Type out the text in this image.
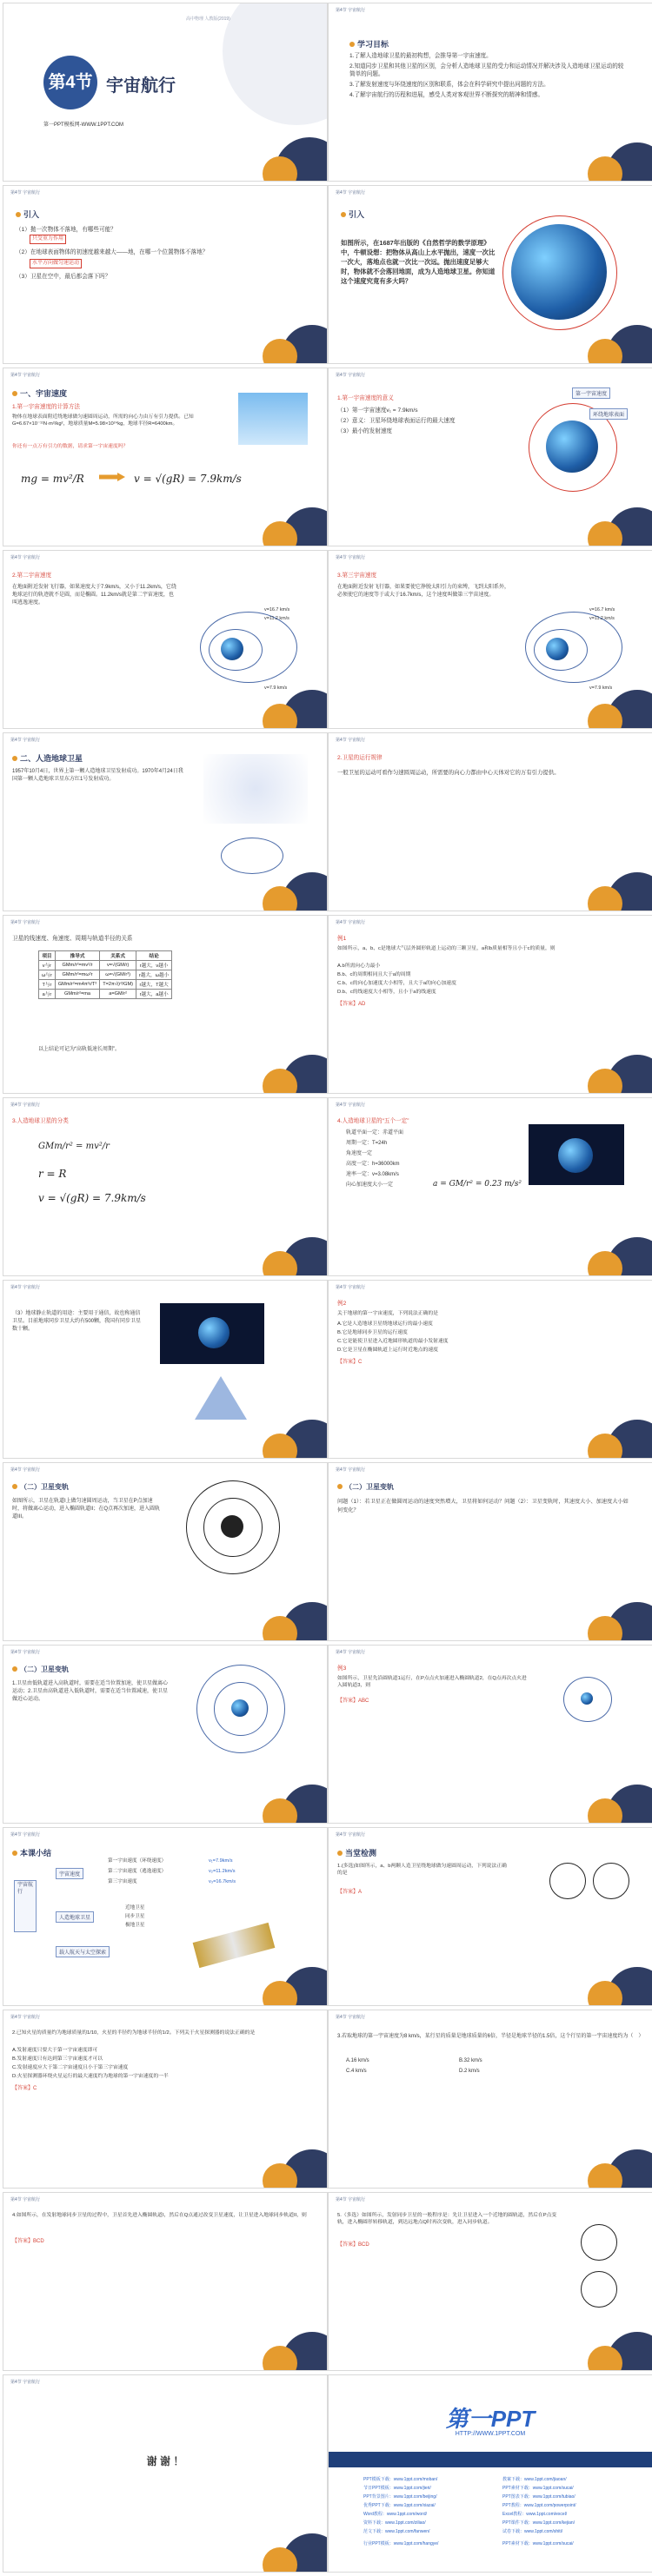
第4节 宇宙航行
第一PPT模板网-WWW.1PPT.COM
高中物理 人教版(2019)
第4节 宇宙航行
学习目标
1.了解人造地球卫星的最初构想，会推导第一宇宙速度。
2.知道同步卫星和其他卫星的区别，会分析人造地球卫星的受力和运动情况并解决涉及人造地球卫星运动的较简单的问题。
3.了解发射速度与环绕速度的区别和联系，体会在科学研究中提出问题的方法。
4.了解宇宙航行的历程和进展，感受人类对客观世界不断探究的精神和情感。
第4节 宇宙航行
引入
（1）拋一次物体不落地，有哪些可能？
只受重力作用
（2）在地球表面物体的初速度越来越大——地，在哪一个位置物体不落地？
水平方向做匀速运动
（3）卫星在空中，最后都会落下吗？
第4节 宇宙航行
引入
如图所示，在1687年出版的《自然哲学的数学原理》中，牛顿设想：把物体从高山上水平抛出，速度一次比一次大，落地点也就一次比一次远。抛出速度足够大时，物体就不会落回地面，成为人造地球卫星。你知道这个速度究竟有多大吗？
第4节 宇宙航行
一、宇宙速度
1.第一宇宙速度的计算方法
物体在地球表面附近绕地球做匀速圆周运动，所需的向心力由万有引力提供。已知G=6.67×10⁻¹¹N·m²/kg²，地球质量M=5.98×10²⁴kg，地球半径R=6400km。
你还有一点万有引力的数据，请求第一宇宙速度吗？
mg = mv²/R	v = √(gR) = 7.9km/s
第4节 宇宙航行
1.第一宇宙速度的意义
（1）第一宇宙速度v₁ = 7.9km/s
（2）意义：卫星环绕地球表面运行的最大速度
（3）最小的发射速度
第一宇宙速度
环绕地球表面
第4节 宇宙航行
2.第二宇宙速度
在地面附近发射飞行器，如果速度大于7.9km/s，又小于11.2km/s，它绕地球运行的轨迹就不是圆，而是椭圆。11.2km/s就是第二宇宙速度，也叫逃逸速度。
v=16.7 km/s
v=11.2 km/s
v=7.9 km/s
第4节 宇宙航行
3.第三宇宙速度
在地面附近发射飞行器，如果要使它挣脱太阳引力的束缚，飞到太阳系外，必须使它的速度等于或大于16.7km/s，这个速度叫做第三宇宙速度。
v=16.7 km/s
v=11.2 km/s
v=7.9 km/s
第4节 宇宙航行
二、人造地球卫星
1957年10月4日，世界上第一颗人造地球卫星发射成功。1970年4月24日我国第一颗人造地球卫星东方红1号发射成功。
第4节 宇宙航行
2.卫星的运行规律
一般卫星的运动可看作匀速圆周运动，所需要的向心力都由中心天体对它的万有引力提供。
第4节 宇宙航行
卫星的线速度、角速度、周期与轨道半径的关系
项目	推导式	关系式	结论
v与r	GMm/r²=mv²/r	v=√(GM/r)	r越大，v越小
ω与r	GMm/r²=mω²r	ω=√(GM/r³)	r越大，ω越小
T与r	GMm/r²=m4π²r/T²	T=2π√(r³/GM)	r越大，T越大
a与r	GMm/r²=ma	a=GM/r²	r越大，a越小
以上结论可记为“高轨低速长周期”。
第4节 宇宙航行
例1
如图所示，a、b、c是地球大气层外圆形轨道上运动的三颗卫星，a和b质量相等且小于c的质量，则
A.b所需向心力最小
B.b、c的周期相同且大于a的周期
C.b、c的向心加速度大小相等，且大于a的向心加速度
D.b、c的线速度大小相等，且小于a的线速度
【答案】AD
第4节 宇宙航行
3.人造地球卫星的分类
GMm/r² = mv²/r
r = R
v = √(gR) = 7.9km/s
第4节 宇宙航行
4.人造地球卫星的“五个一定”
轨道平面一定：赤道平面
周期一定：T=24h
角速度一定
高度一定：h=36000km
速率一定：v=3.08km/s
向心加速度大小一定	a = GM/r² = 0.23 m/s²
第4节 宇宙航行
（3）地球静止轨道的用途：主要用于通信，故也称通信卫星。目前地球同步卫星大约有500颗，我国有同步卫星数十颗。
第4节 宇宙航行
例2
关于地球的第一宇宙速度，下列说法正确的是
A.它是人造地球卫星绕地球运行的最小速度
B.它是地球同步卫星的运行速度
C.它是能使卫星进入近地圆形轨道的最小发射速度
D.它是卫星在椭圆轨道上运行时近地点的速度
【答案】C
第4节 宇宙航行
（二）卫星变轨
如图所示，卫星在轨道I上做匀速圆周运动，当卫星在P点加速时，将做离心运动，进入椭圆轨道II；在Q点再次加速，进入圆轨道III。
第4节 宇宙航行
（二）卫星变轨
问题（1）：若卫星正在做圆周运动的速度突然增大，卫星将如何运动？问题（2）：卫星变轨时，其速度大小、加速度大小如何变化？
第4节 宇宙航行
（二）卫星变轨
1.卫星由低轨道进入高轨道时，需要在适当位置加速，使卫星做离心运动；2.卫星由高轨道进入低轨道时，需要在适当位置减速，使卫星做近心运动。
第4节 宇宙航行
例3
如图所示，卫星先沿圆轨道1运行，在P点点火加速进入椭圆轨道2，在Q点再次点火进入圆轨道3，则
【答案】ABC
第4节 宇宙航行
本课小结
宇宙航行
宇宙速度
人造地球卫星
第一宇宙速度（环绕速度）
第二宇宙速度（逃逸速度）
第三宇宙速度
v₁=7.9km/s
v₂=11.2km/s
v₃=16.7km/s
近地卫星
同步卫星
极地卫星
载人航天与太空探索
第4节 宇宙航行
当堂检测
1.(多选)如图所示，a、b两颗人造卫星绕地球做匀速圆周运动，下列说法正确的是
【答案】A
第4节 宇宙航行
2.已知火星的质量约为地球质量的1/10，火星的半径约为地球半径的1/2。下列关于火星探测器的说法正确的是
A.发射速度只要大于第一宇宙速度即可
B.发射速度只有达到第三宇宙速度才可以
C.发射速度应大于第二宇宙速度且小于第三宇宙速度
D.火星探测器环绕火星运行的最大速度约为地球的第一宇宙速度的一半
【答案】C
第4节 宇宙航行
3.若取地球的第一宇宙速度为8 km/s，某行星的质量是地球质量的6倍，半径是地球半径的1.5倍，这个行星的第一宇宙速度约为（　）
A.16 km/s	B.32 km/s
C.4 km/s	D.2 km/s
第4节 宇宙航行
4.如图所示，在发射地球同步卫星的过程中，卫星首先进入椭圆轨道I，然后在Q点通过改变卫星速度，让卫星进入地球同步轨道II，则
【答案】BCD
第4节 宇宙航行
5.（多选）如图所示，发射同步卫星的一般程序是：先让卫星进入一个近地的圆轨道，然后在P点变轨，进入椭圆形转移轨道，到达远地点Q时再次变轨，进入同步轨道。
【答案】BCD
第4节 宇宙航行
谢 谢 ！
第一PPT
HTTP://WWW.1PPT.COM
PPT模板下载：www.1ppt.com/moban/
节日PPT模板：www.1ppt.com/jieri/
PPT背景图片：www.1ppt.com/beijing/
优秀PPT下载：www.1ppt.com/xiazai/
Word教程：www.1ppt.com/word/
资料下载：www.1ppt.com/ziliao/
范文下载：www.1ppt.com/fanwen/
教案下载：www.1ppt.com/jiaoan/
PPT素材下载：www.1ppt.com/sucai/
PPT图表下载：www.1ppt.com/tubiao/
PPT教程：www.1ppt.com/powerpoint/
Excel教程：www.1ppt.com/excel/
PPT课件下载：www.1ppt.com/kejian/
试卷下载：www.1ppt.com/shiti/
行业PPT模板：www.1ppt.com/hangye/	PPT素材下载：www.1ppt.com/sucai/
